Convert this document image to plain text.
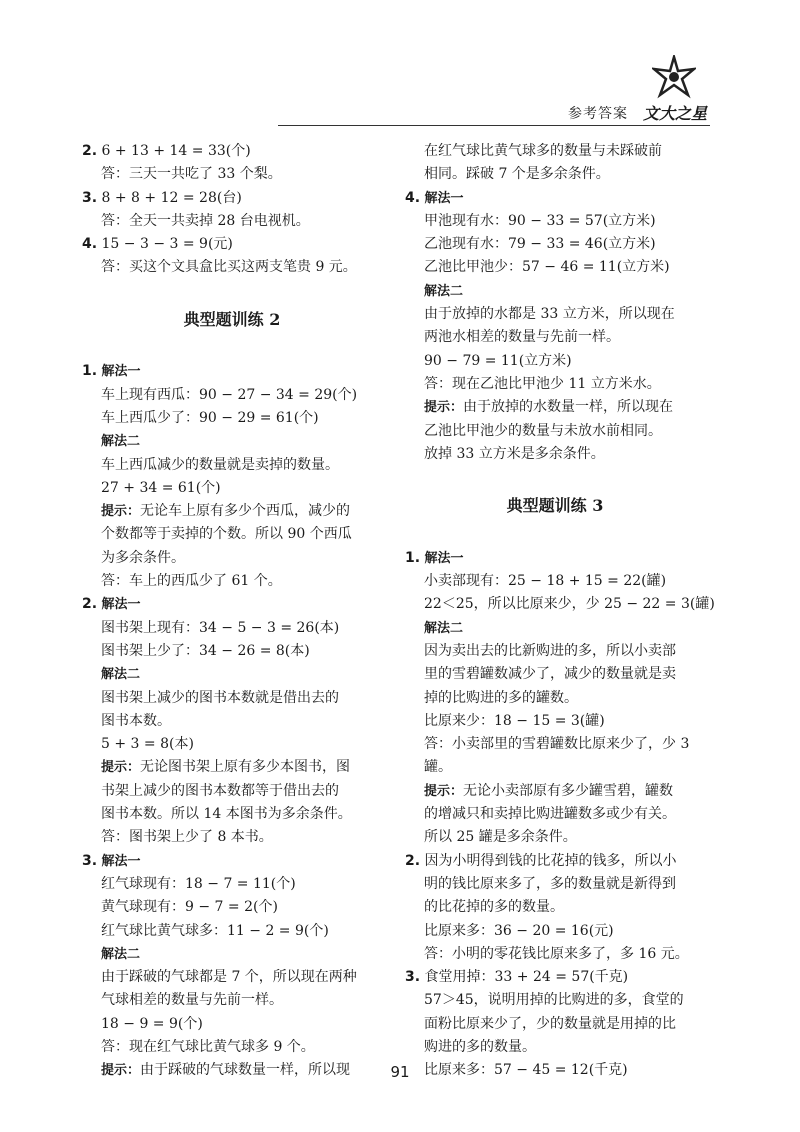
参考答案 文大之星
2. 6 + 13 + 14 = 33(个)
答：三天一共吃了 33 个梨。
3. 8 + 8 + 12 = 28(台)
答：全天一共卖掉 28 台电视机。
4. 15 − 3 − 3 = 9(元)
答：买这个文具盒比买这两支笔贵 9 元。
典型题训练 2
1. 解法一
车上现有西瓜：90 − 27 − 34 = 29(个)
车上西瓜少了：90 − 29 = 61(个)
解法二
车上西瓜减少的数量就是卖掉的数量。
27 + 34 = 61(个)
提示：无论车上原有多少个西瓜，减少的
个数都等于卖掉的个数。所以 90 个西瓜
为多余条件。
答：车上的西瓜少了 61 个。
2. 解法一
图书架上现有：34 − 5 − 3 = 26(本)
图书架上少了：34 − 26 = 8(本)
解法二
图书架上减少的图书本数就是借出去的
图书本数。
5 + 3 = 8(本)
提示：无论图书架上原有多少本图书，图
书架上减少的图书本数都等于借出去的
图书本数。所以 14 本图书为多余条件。
答：图书架上少了 8 本书。
3. 解法一
红气球现有：18 − 7 = 11(个)
黄气球现有：9 − 7 = 2(个)
红气球比黄气球多：11 − 2 = 9(个)
解法二
由于踩破的气球都是 7 个，所以现在两种
气球相差的数量与先前一样。
18 − 9 = 9(个)
答：现在红气球比黄气球多 9 个。
提示：由于踩破的气球数量一样，所以现
在红气球比黄气球多的数量与未踩破前
相同。踩破 7 个是多余条件。
4. 解法一
甲池现有水：90 − 33 = 57(立方米)
乙池现有水：79 − 33 = 46(立方米)
乙池比甲池少：57 − 46 = 11(立方米)
解法二
由于放掉的水都是 33 立方米，所以现在
两池水相差的数量与先前一样。
90 − 79 = 11(立方米)
答：现在乙池比甲池少 11 立方米水。
提示：由于放掉的水数量一样，所以现在
乙池比甲池少的数量与未放水前相同。
放掉 33 立方米是多余条件。
典型题训练 3
1. 解法一
小卖部现有：25 − 18 + 15 = 22(罐)
22＜25，所以比原来少，少 25 − 22 = 3(罐)
解法二
因为卖出去的比新购进的多，所以小卖部
里的雪碧罐数减少了，减少的数量就是卖
掉的比购进的多的罐数。
比原来少：18 − 15 = 3(罐)
答：小卖部里的雪碧罐数比原来少了，少 3
罐。
提示：无论小卖部原有多少罐雪碧，罐数
的增减只和卖掉比购进罐数多或少有关。
所以 25 罐是多余条件。
2. 因为小明得到钱的比花掉的钱多，所以小
明的钱比原来多了，多的数量就是新得到
的比花掉的多的数量。
比原来多：36 − 20 = 16(元)
答：小明的零花钱比原来多了，多 16 元。
3. 食堂用掉：33 + 24 = 57(千克)
57＞45，说明用掉的比购进的多，食堂的
面粉比原来少了，少的数量就是用掉的比
购进的多的数量。
比原来多：57 − 45 = 12(千克)
91
